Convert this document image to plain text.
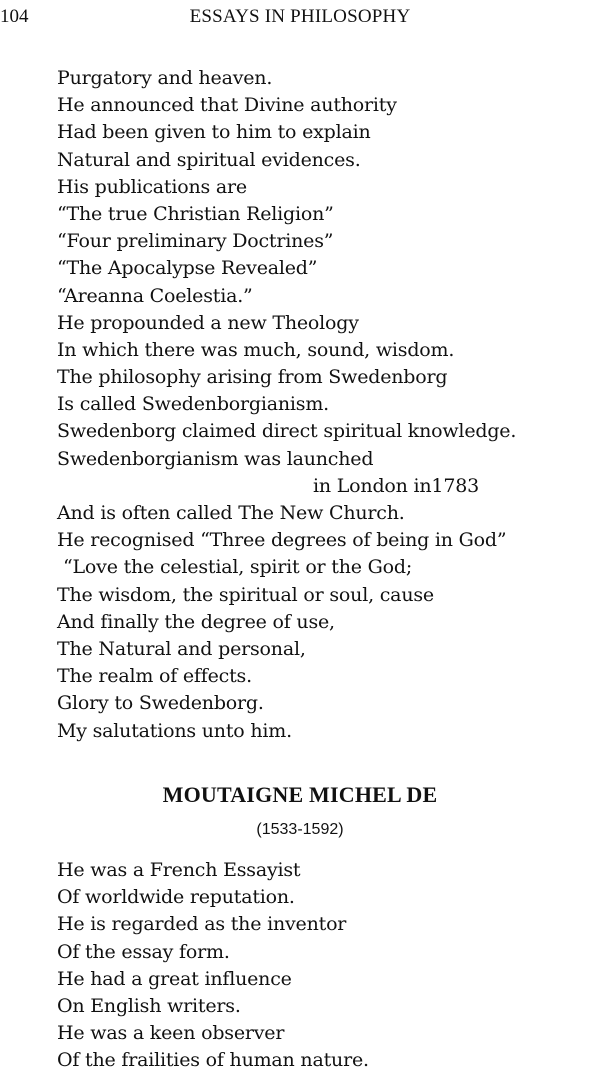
104	ESSAYS IN PHILOSOPHY
Purgatory and heaven.
He announced that Divine authority
Had been given to him to explain
Natural and spiritual evidences.
His publications are
“The true Christian Religion”
“Four preliminary Doctrines”
“The Apocalypse Revealed”
“Areanna Coelestia.”
He propounded a new Theology
In which there was much, sound, wisdom.
The philosophy arising from Swedenborg
Is called Swedenborgianism.
Swedenborg claimed direct spiritual knowledge.
Swedenborgianism was launched
in London in1783
And is often called The New Church.
He recognised “Three degrees of being in God”
“Love the celestial, spirit or the God;
The wisdom, the spiritual or soul, cause
And finally the degree of use,
The Natural and personal,
The realm of effects.
Glory to Swedenborg.
My salutations unto him.
MOUTAIGNE MICHEL DE
(1533-1592)
He was a French Essayist
Of worldwide reputation.
He is regarded as the inventor
Of the essay form.
He had a great influence
On English writers.
He was a keen observer
Of the frailities of human nature.
